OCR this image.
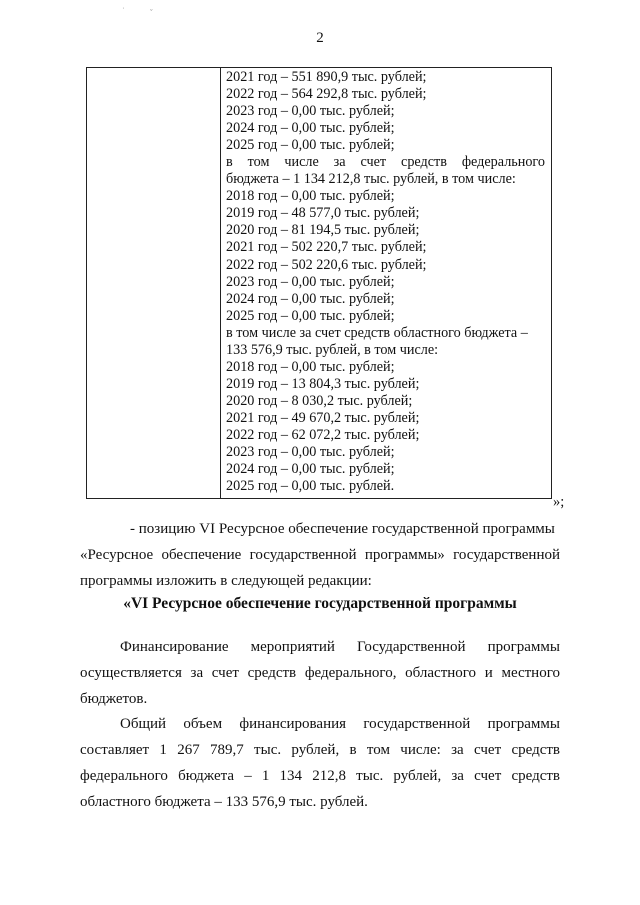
2

2021 год – 551 890,9 тыс. рублей;
2022 год – 564 292,8 тыс. рублей;
2023 год – 0,00 тыс. рублей;
2024 год – 0,00 тыс. рублей;
2025 год – 0,00 тыс. рублей;
в том числе за счет средств федерального
бюджета – 1 134 212,8 тыс. рублей, в том числе:
2018 год – 0,00 тыс. рублей;
2019 год – 48 577,0 тыс. рублей;
2020 год – 81 194,5 тыс. рублей;
2021 год – 502 220,7 тыс. рублей;
2022 год – 502 220,6 тыс. рублей;
2023 год – 0,00 тыс. рублей;
2024 год – 0,00 тыс. рублей;
2025 год – 0,00 тыс. рублей;
в том числе за счет средств областного бюджета –
133 576,9 тыс. рублей, в том числе:
2018 год – 0,00 тыс. рублей;
2019 год – 13 804,3 тыс. рублей;
2020 год – 8 030,2 тыс. рублей;
2021 год – 49 670,2 тыс. рублей;
2022 год – 62 072,2 тыс. рублей;
2023 год – 0,00 тыс. рублей;
2024 год – 0,00 тыс. рублей;
2025 год – 0,00 тыс. рублей.
»;
- позицию VI Ресурсное обеспечение государственной программы
«Ресурсное обеспечение государственной программы» государственной
программы изложить в следующей редакции:
«VI Ресурсное обеспечение государственной программы
Финансирование мероприятий Государственной программы
осуществляется за счет средств федерального, областного и местного
бюджетов.
Общий объем финансирования государственной программы
составляет 1 267 789,7 тыс. рублей, в том числе: за счет средств
федерального бюджета – 1 134 212,8 тыс. рублей, за счет средств
областного бюджета – 133 576,9 тыс. рублей.
˙	ˇ
